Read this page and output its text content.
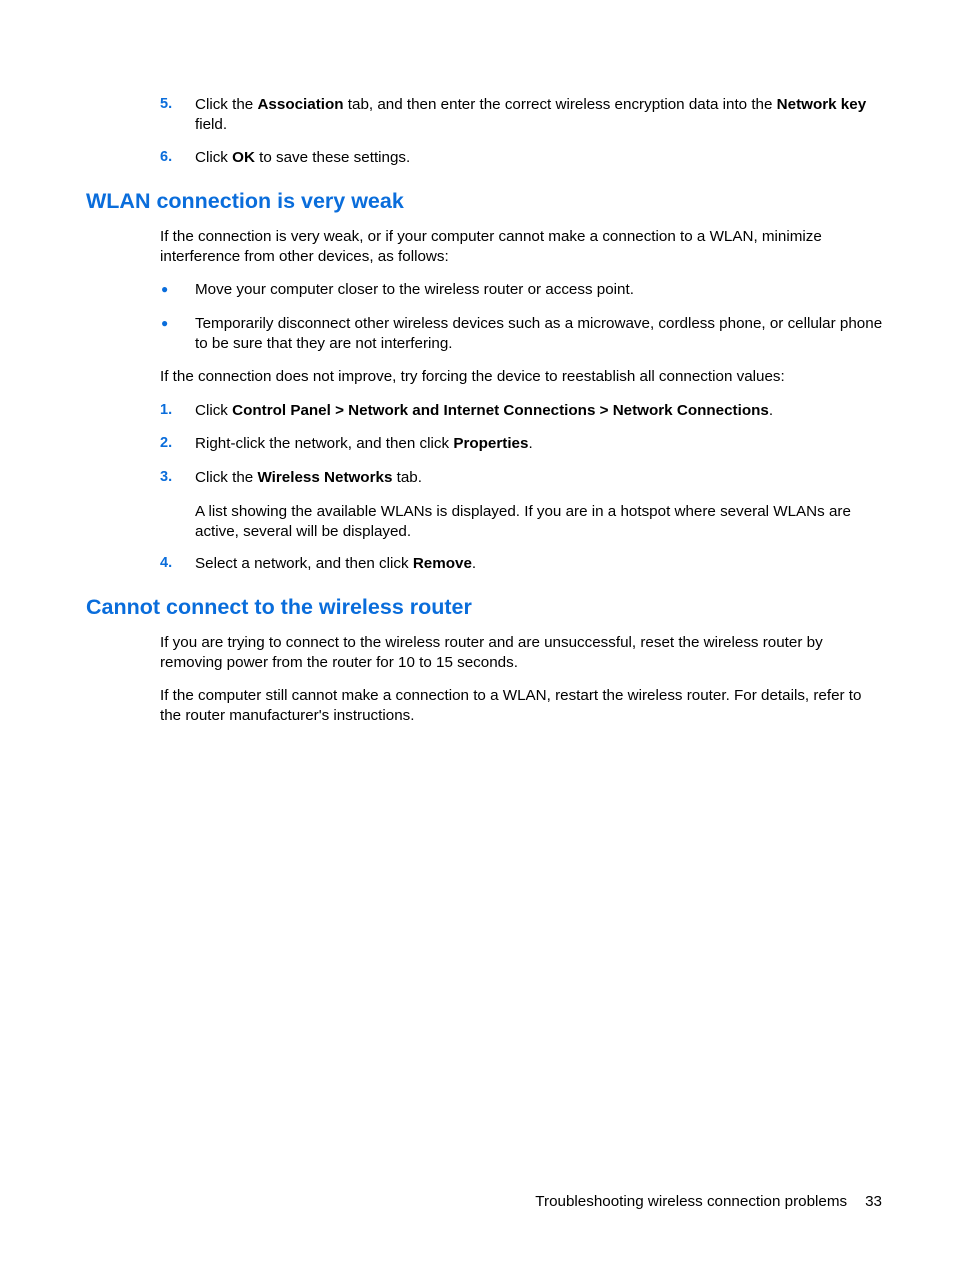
5. Click the Association tab, and then enter the correct wireless encryption data into the Network key field.
6. Click OK to save these settings.
WLAN connection is very weak
If the connection is very weak, or if your computer cannot make a connection to a WLAN, minimize interference from other devices, as follows:
● Move your computer closer to the wireless router or access point.
● Temporarily disconnect other wireless devices such as a microwave, cordless phone, or cellular phone to be sure that they are not interfering.
If the connection does not improve, try forcing the device to reestablish all connection values:
1. Click Control Panel > Network and Internet Connections > Network Connections.
2. Right-click the network, and then click Properties.
3. Click the Wireless Networks tab.
A list showing the available WLANs is displayed. If you are in a hotspot where several WLANs are active, several will be displayed.
4. Select a network, and then click Remove.
Cannot connect to the wireless router
If you are trying to connect to the wireless router and are unsuccessful, reset the wireless router by removing power from the router for 10 to 15 seconds.
If the computer still cannot make a connection to a WLAN, restart the wireless router. For details, refer to the router manufacturer's instructions.
Troubleshooting wireless connection problems 33
